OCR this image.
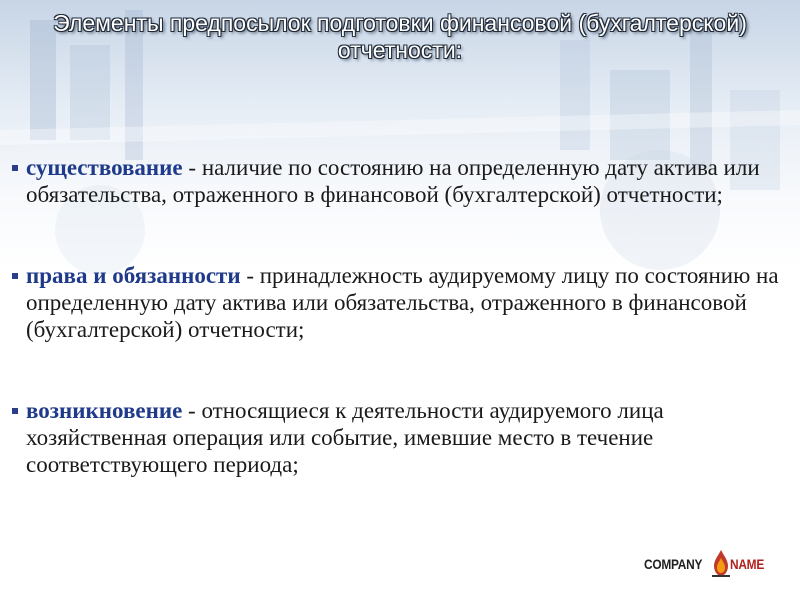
Элементы предпосылок подготовки финансовой (бухгалтерской) отчетности:
существование - наличие по состоянию на определенную дату актива или обязательства, отраженного в финансовой (бухгалтерской) отчетности;
права и обязанности - принадлежность аудируемому лицу по состоянию на определенную дату актива или обязательства, отраженного в финансовой (бухгалтерской) отчетности;
возникновение - относящиеся к деятельности аудируемого лица хозяйственная операция или событие, имевшие место в течение соответствующего периода;
COMPANY NAME
